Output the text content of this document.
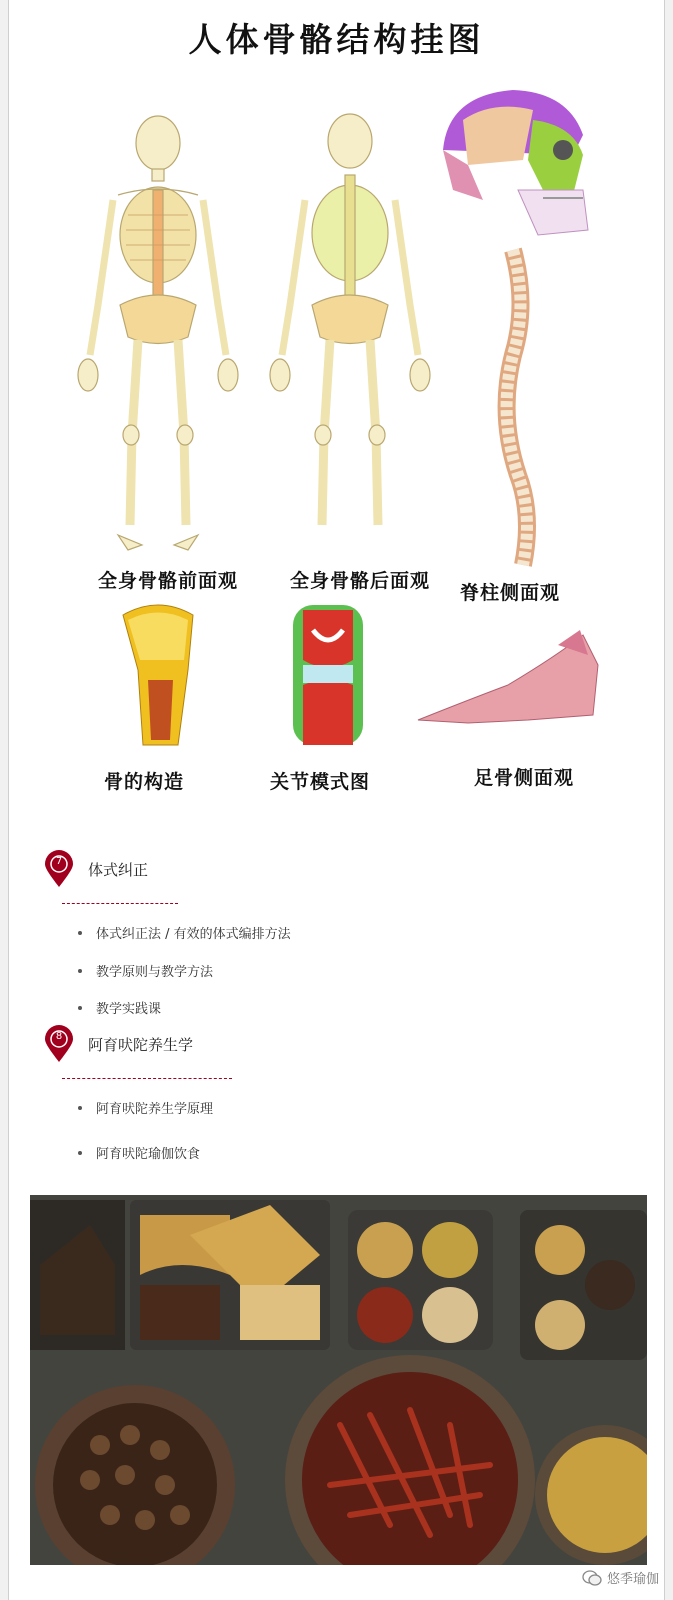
人体骨骼结构挂图
全身骨骼前面观	全身骨骼后面观
脊柱侧面观
骨的构造	关节模式图	足骨侧面观
7	体式纠正
体式纠正法 / 有效的体式编排方法
教学原则与教学方法
教学实践课
8	阿育吠陀养生学
阿育吠陀养生学原理
阿育吠陀瑜伽饮食
悠季瑜伽
